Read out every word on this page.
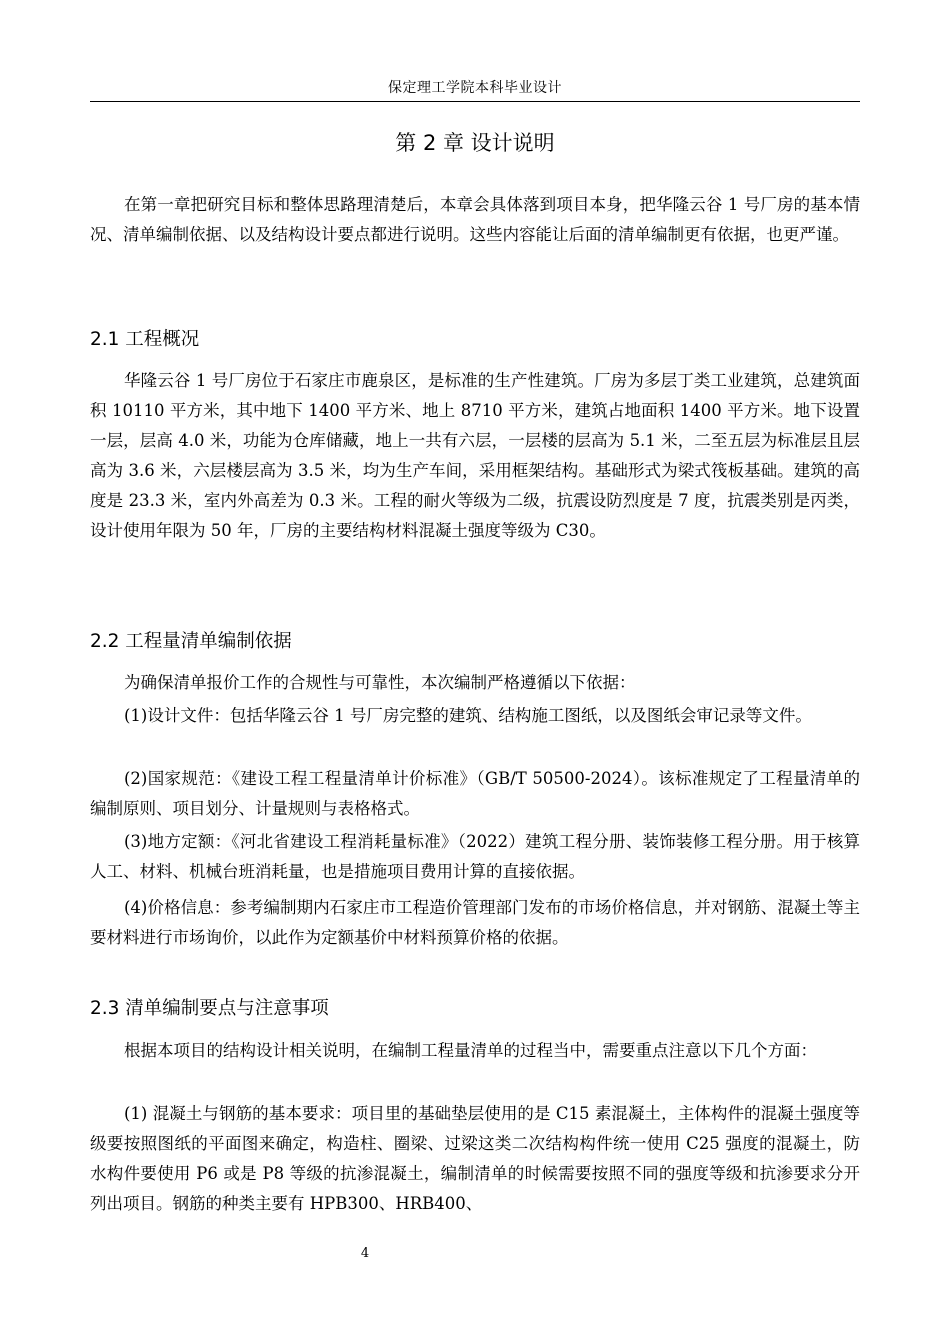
保定理工学院本科毕业设计
第 2 章 设计说明

在第一章把研究目标和整体思路理清楚后，本章会具体落到项目本身，把华隆云谷 1 号厂房的基本情况、清单编制依据、以及结构设计要点都进行说明。这些内容能让后面的清单编制更有依据，也更严谨。

2.1 工程概况

华隆云谷 1 号厂房位于石家庄市鹿泉区，是标准的生产性建筑。厂房为多层丁类工业建筑，总建筑面积 10110 平方米，其中地下 1400 平方米、地上 8710 平方米，建筑占地面积 1400 平方米。地下设置一层，层高 4.0 米，功能为仓库储藏，地上一共有六层，一层楼的层高为 5.1 米，二至五层为标准层且层高为 3.6 米，六层楼层高为 3.5 米，均为生产车间，采用框架结构。基础形式为梁式筏板基础。建筑的高度是 23.3 米，室内外高差为 0.3 米。工程的耐火等级为二级，抗震设防烈度是 7 度，抗震类别是丙类，设计使用年限为 50 年，厂房的主要结构材料混凝土强度等级为 C30。

2.2 工程量清单编制依据

为确保清单报价工作的合规性与可靠性，本次编制严格遵循以下依据：

(1)设计文件：包括华隆云谷 1 号厂房完整的建筑、结构施工图纸，以及图纸会审记录等文件。

(2)国家规范：《建设工程工程量清单计价标准》（GB/T 50500-2024）。该标准规定了工程量清单的编制原则、项目划分、计量规则与表格格式。

(3)地方定额：《河北省建设工程消耗量标准》（2022）建筑工程分册、装饰装修工程分册。用于核算人工、材料、机械台班消耗量，也是措施项目费用计算的直接依据。

(4)价格信息：参考编制期内石家庄市工程造价管理部门发布的市场价格信息，并对钢筋、混凝土等主要材料进行市场询价，以此作为定额基价中材料预算价格的依据。

2.3 清单编制要点与注意事项

根据本项目的结构设计相关说明，在编制工程量清单的过程当中，需要重点注意以下几个方面：

(1) 混凝土与钢筋的基本要求：项目里的基础垫层使用的是 C15 素混凝土，主体构件的混凝土强度等级要按照图纸的平面图来确定，构造柱、圈梁、过梁这类二次结构构件统一使用 C25 强度的混凝土，防水构件要使用 P6 或是 P8 等级的抗渗混凝土，编制清单的时候需要按照不同的强度等级和抗渗要求分开列出项目。钢筋的种类主要有 HPB300、HRB400、

4
